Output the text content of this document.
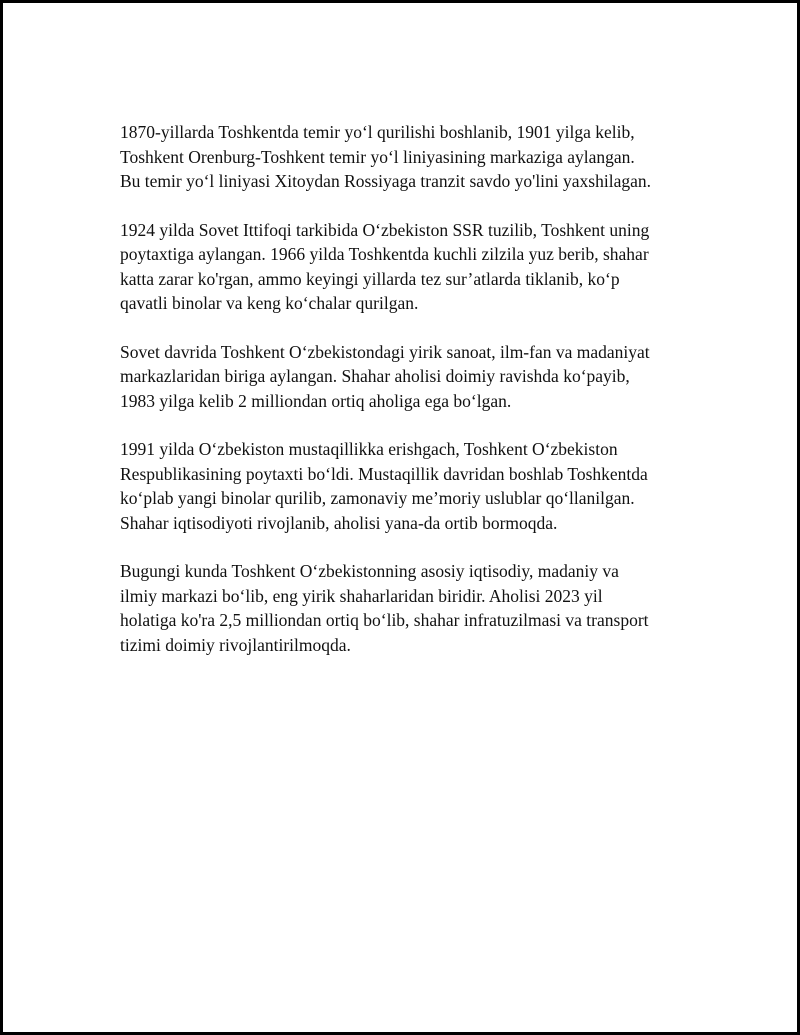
1870-yillarda Toshkentda temir yo‘l qurilishi boshlanib, 1901 yilga kelib,
Toshkent Orenburg-Toshkent temir yo‘l liniyasining markaziga aylangan.
Bu temir yo‘l liniyasi Xitoydan Rossiyaga tranzit savdo yo'lini yaxshilagan.

1924 yilda Sovet Ittifoqi tarkibida O‘zbekiston SSR tuzilib, Toshkent uning
poytaxtiga aylangan. 1966 yilda Toshkentda kuchli zilzila yuz berib, shahar
katta zarar ko'rgan, ammo keyingi yillarda tez sur’atlarda tiklanib, ko‘p
qavatli binolar va keng ko‘chalar qurilgan.

Sovet davrida Toshkent O‘zbekistondagi yirik sanoat, ilm-fan va madaniyat
markazlaridan biriga aylangan. Shahar aholisi doimiy ravishda ko‘payib,
1983 yilga kelib 2 milliondan ortiq aholiga ega bo‘lgan.

1991 yilda O‘zbekiston mustaqillikka erishgach, Toshkent O‘zbekiston
Respublikasining poytaxti bo‘ldi. Mustaqillik davridan boshlab Toshkentda
ko‘plab yangi binolar qurilib, zamonaviy me’moriy uslublar qo‘llanilgan.
Shahar iqtisodiyoti rivojlanib, aholisi yana-da ortib bormoqda.

Bugungi kunda Toshkent O‘zbekistonning asosiy iqtisodiy, madaniy va
ilmiy markazi bo‘lib, eng yirik shaharlaridan biridir. Aholisi 2023 yil
holatiga ko'ra 2,5 milliondan ortiq bo‘lib, shahar infratuzilmasi va transport
tizimi doimiy rivojlantirilmoqda.
